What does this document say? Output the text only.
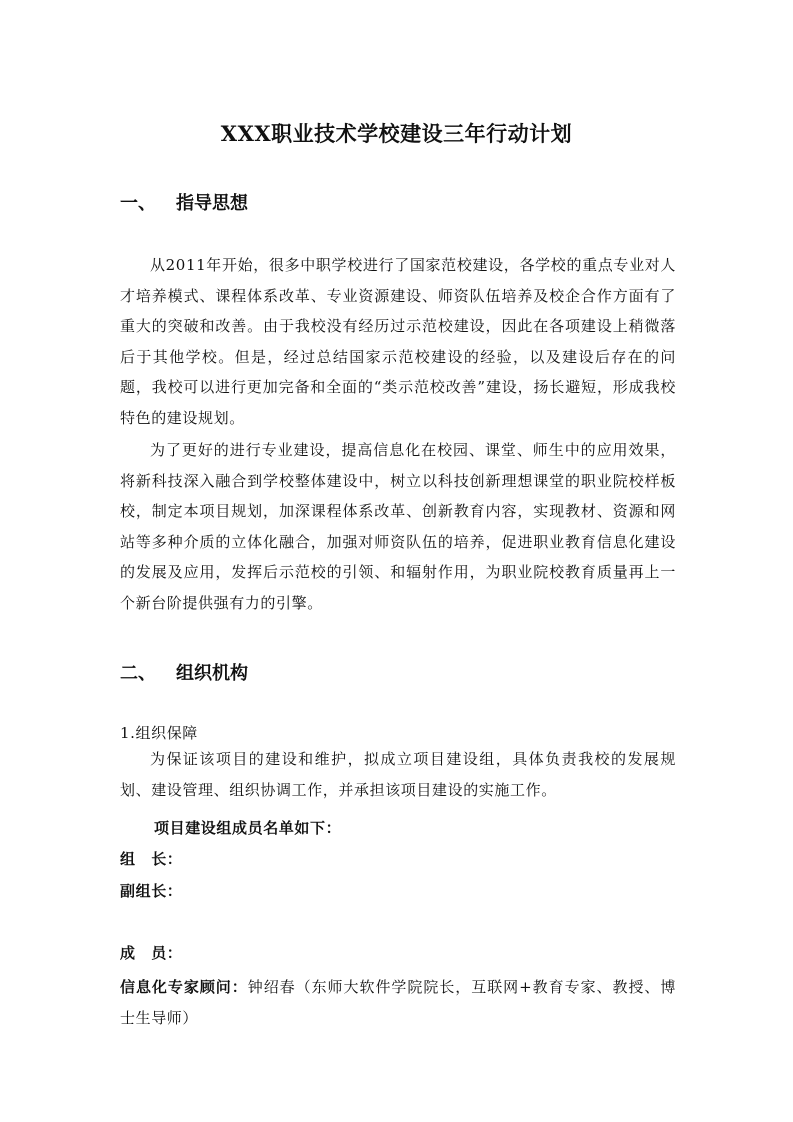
XXX职业技术学校建设三年行动计划
一、	指导思想
从2011年开始，很多中职学校进行了国家范校建设，各学校的重点专业对人才培养模式、课程体系改革、专业资源建设、师资队伍培养及校企合作方面有了重大的突破和改善。由于我校没有经历过示范校建设，因此在各项建设上稍微落后于其他学校。但是，经过总结国家示范校建设的经验，以及建设后存在的问题，我校可以进行更加完备和全面的“类示范校改善”建设，扬长避短，形成我校特色的建设规划。
为了更好的进行专业建设，提高信息化在校园、课堂、师生中的应用效果，将新科技深入融合到学校整体建设中，树立以科技创新理想课堂的职业院校样板校，制定本项目规划，加深课程体系改革、创新教育内容，实现教材、资源和网站等多种介质的立体化融合，加强对师资队伍的培养，促进职业教育信息化建设的发展及应用，发挥后示范校的引领、和辐射作用，为职业院校教育质量再上一个新台阶提供强有力的引擎。
二、	组织机构
1.组织保障
为保证该项目的建设和维护，拟成立项目建设组，具体负责我校的发展规划、建设管理、组织协调工作，并承担该项目建设的实施工作。
项目建设组成员名单如下：
组　长：
副组长：
成　员：
信息化专家顾问：钟绍春（东师大软件学院院长，互联网+教育专家、教授、博士生导师）
